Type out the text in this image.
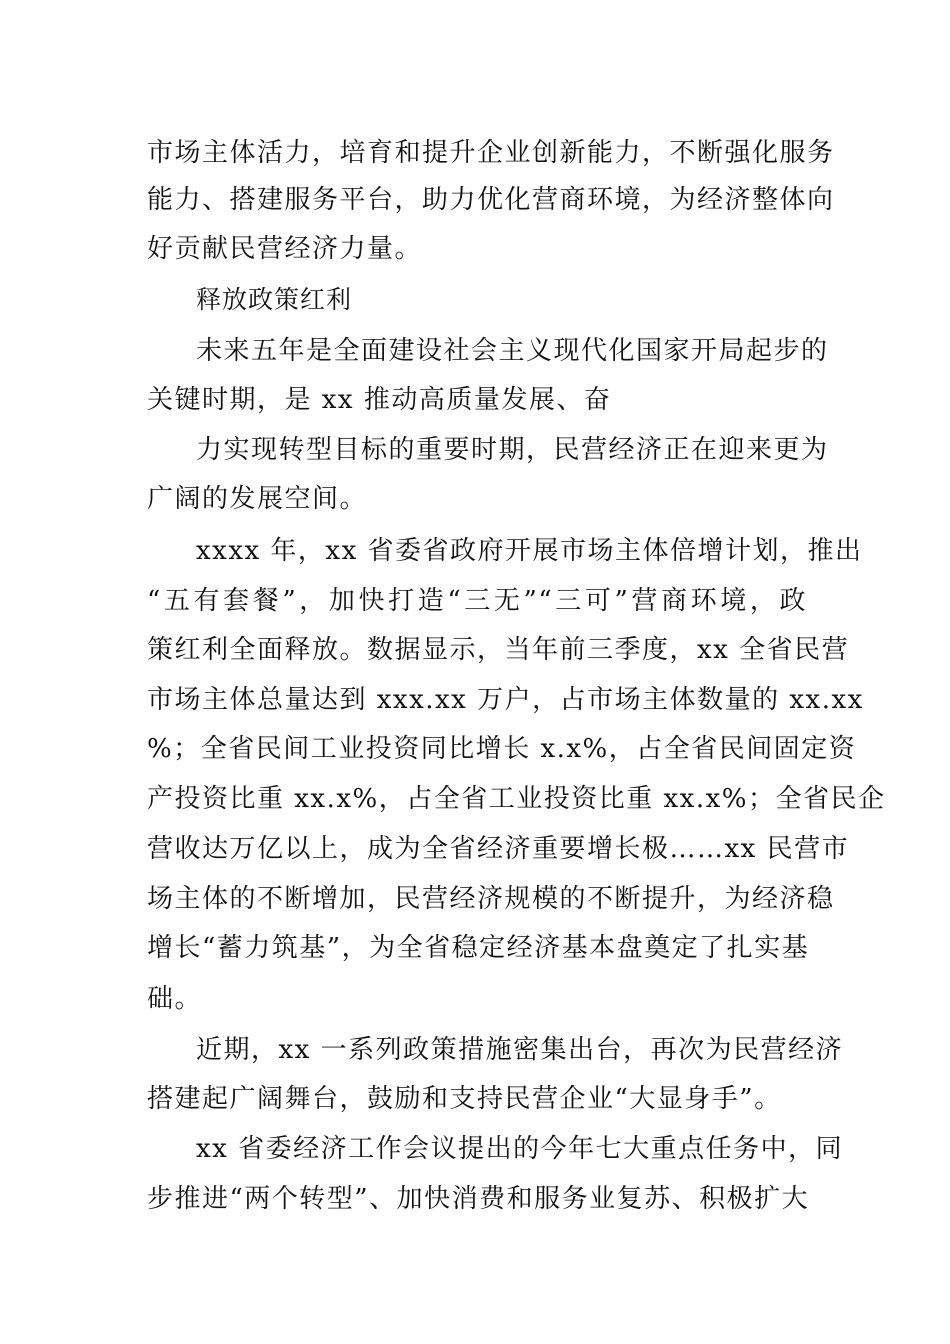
市场主体活力，培育和提升企业创新能力，不断强化服务
能力、搭建服务平台，助力优化营商环境，为经济整体向
好贡献民营经济力量。
释放政策红利
未来五年是全面建设社会主义现代化国家开局起步的
关键时期，是 xx 推动高质量发展、奋
力实现转型目标的重要时期，民营经济正在迎来更为
广阔的发展空间。
xxxx 年，xx 省委省政府开展市场主体倍增计划，推出
“五有套餐”，加快打造“三无”“三可”营商环境，政
策红利全面释放。数据显示，当年前三季度，xx 全省民营
市场主体总量达到 xxx.xx 万户，占市场主体数量的 xx.xx
%；全省民间工业投资同比增长 x.x%，占全省民间固定资
产投资比重 xx.x%，占全省工业投资比重 xx.x%；全省民企
营收达万亿以上，成为全省经济重要增长极……xx 民营市
场主体的不断增加，民营经济规模的不断提升，为经济稳
增长“蓄力筑基”，为全省稳定经济基本盘奠定了扎实基
础。
近期，xx 一系列政策措施密集出台，再次为民营经济
搭建起广阔舞台，鼓励和支持民营企业“大显身手”。
xx 省委经济工作会议提出的今年七大重点任务中，同
步推进“两个转型”、加快消费和服务业复苏、积极扩大
